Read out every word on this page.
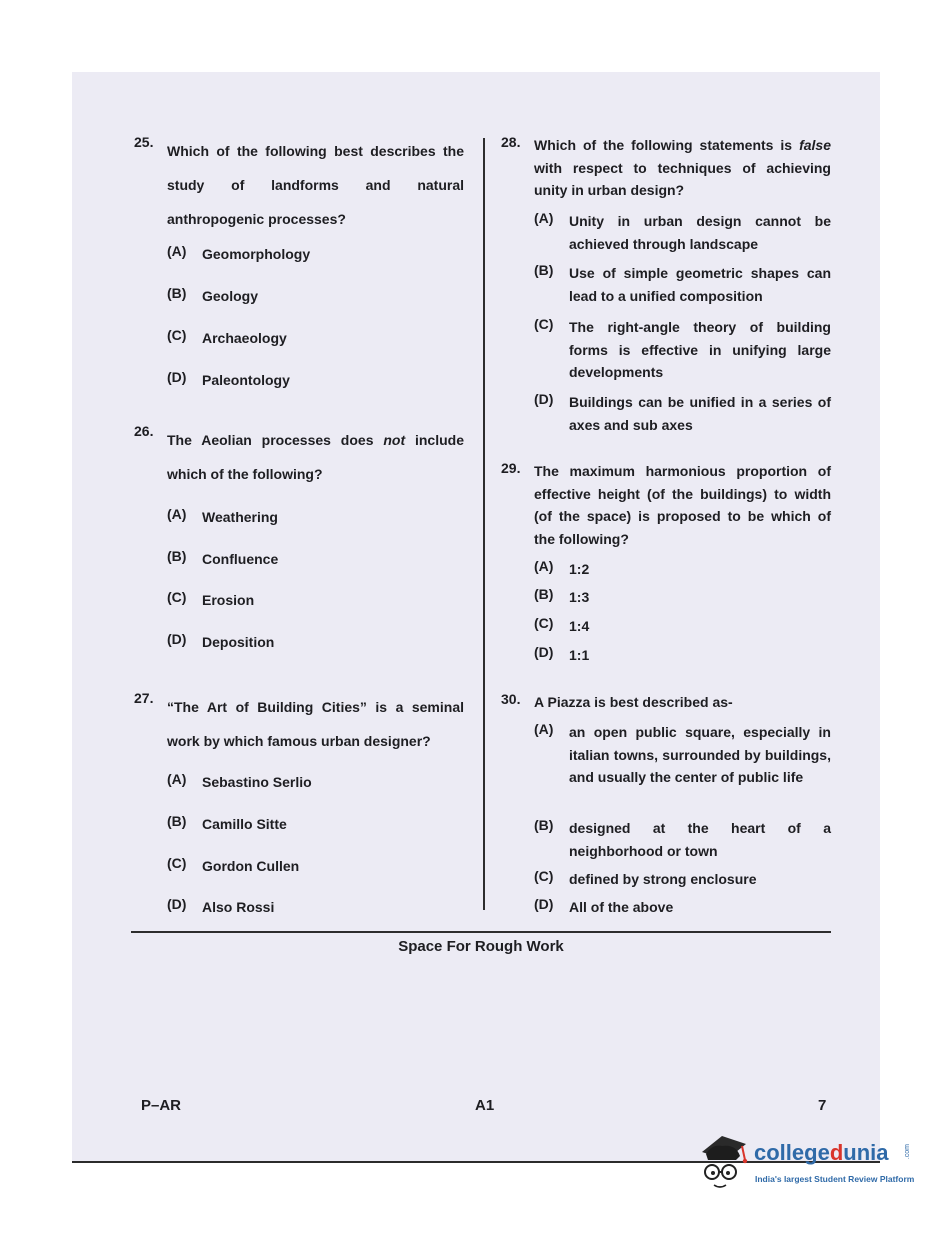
25.
Which of the following best describes the study of landforms and natural anthropogenic processes?
(A) Geomorphology
(B) Geology
(C) Archaeology
(D) Paleontology
26.
The Aeolian processes does not include which of the following?
(A) Weathering
(B) Confluence
(C) Erosion
(D) Deposition
27.
“The Art of Building Cities” is a seminal work by which famous urban designer?
(A) Sebastino Serlio
(B) Camillo Sitte
(C) Gordon Cullen
(D) Also Rossi
28. Which of the following statements is false with respect to techniques of achieving unity in urban design?
(A) Unity in urban design cannot be achieved through landscape
(B) Use of simple geometric shapes can lead to a unified composition
(C) The right-angle theory of building forms is effective in unifying large developments
(D) Buildings can be unified in a series of axes and sub axes
29. The maximum harmonious proportion of effective height (of the buildings) to width (of the space) is proposed to be which of the following?
(A) 1:2
(B) 1:3
(C) 1:4
(D) 1:1
30. A Piazza is best described as-
(A) an open public square, especially in italian towns, surrounded by buildings, and usually the center of public life
(B) designed at the heart of a neighborhood or town
(C) defined by strong enclosure
(D) All of the above
Space For Rough Work
P–AR	A1	7
collegedunia .com
India's largest Student Review Platform
